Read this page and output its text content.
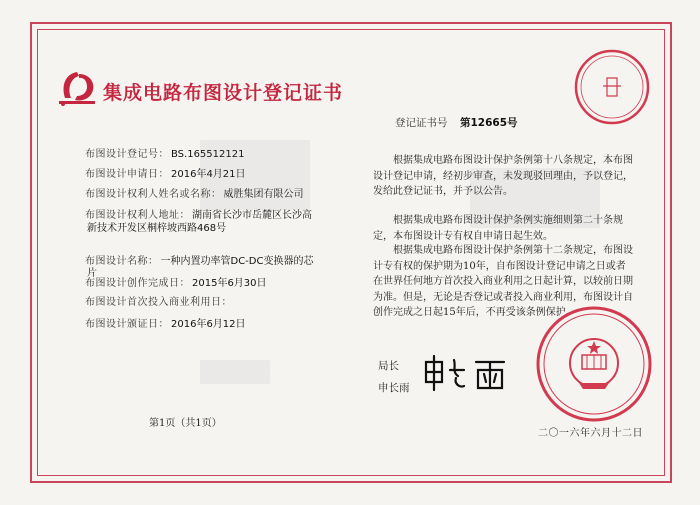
集成电路布图设计登记证书
登记证书号 第12665号
布图设计登记号： BS.165512121
布图设计申请日： 2016年4月21日
布图设计权利人姓名或名称： 威胜集团有限公司
布图设计权利人地址： 湖南省长沙市岳麓区长沙高
新技术开发区桐梓坡西路468号
布图设计名称： 一种内置功率管DC-DC变换器的芯
片
布图设计创作完成日： 2015年6月30日
布图设计首次投入商业利用日：
布图设计颁证日： 2016年6月12日
根据集成电路布图设计保护条例第十八条规定，本布图设计登记申请，经初步审查，未发现驳回理由，予以登记，发给此登记证书，并予以公告。
根据集成电路布图设计保护条例实施细则第二十条规定，本布图设计专有权自申请日起生效。
根据集成电路布图设计保护条例第十二条规定，布图设计专有权的保护期为10年，自布图设计登记申请之日或者在世界任何地方首次投入商业利用之日起计算，以较前日期为准。但是，无论是否登记或者投入商业利用，布图设计自创作完成之日起15年后，不再受该条例保护。
局长
申长雨
二〇一六年六月十二日
第1页（共1页）
